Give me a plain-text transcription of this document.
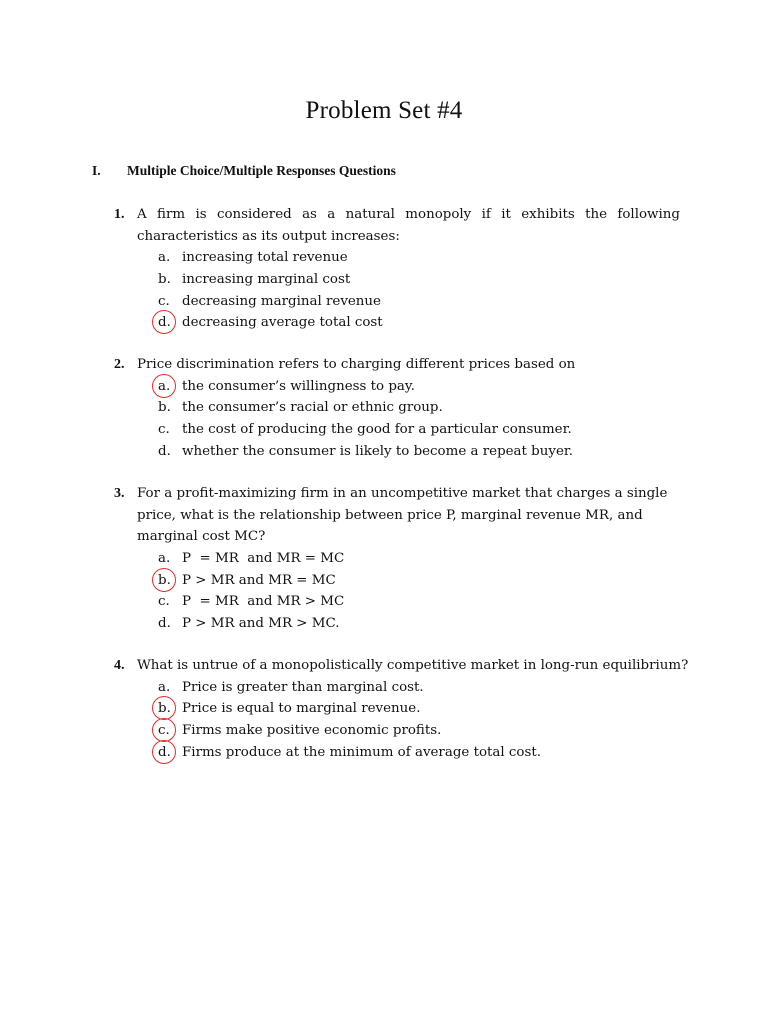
Problem Set #4
I. Multiple Choice/Multiple Responses Questions
1. A firm is considered as a natural monopoly if it exhibits the following
characteristics as its output increases:
a. increasing total revenue
b. increasing marginal cost
c. decreasing marginal revenue
d. decreasing average total cost
2. Price discrimination refers to charging different prices based on
a. the consumer’s willingness to pay.
b. the consumer’s racial or ethnic group.
c. the cost of producing the good for a particular consumer.
d. whether the consumer is likely to become a repeat buyer.
3. For a profit-maximizing firm in an uncompetitive market that charges a single
price, what is the relationship between price P, marginal revenue MR, and
marginal cost MC?
a. P  = MR  and MR = MC
b. P > MR and MR = MC
c. P  = MR  and MR > MC
d. P > MR and MR > MC.
4. What is untrue of a monopolistically competitive market in long-run equilibrium?
a. Price is greater than marginal cost.
b. Price is equal to marginal revenue.
c. Firms make positive economic profits.
d. Firms produce at the minimum of average total cost.
